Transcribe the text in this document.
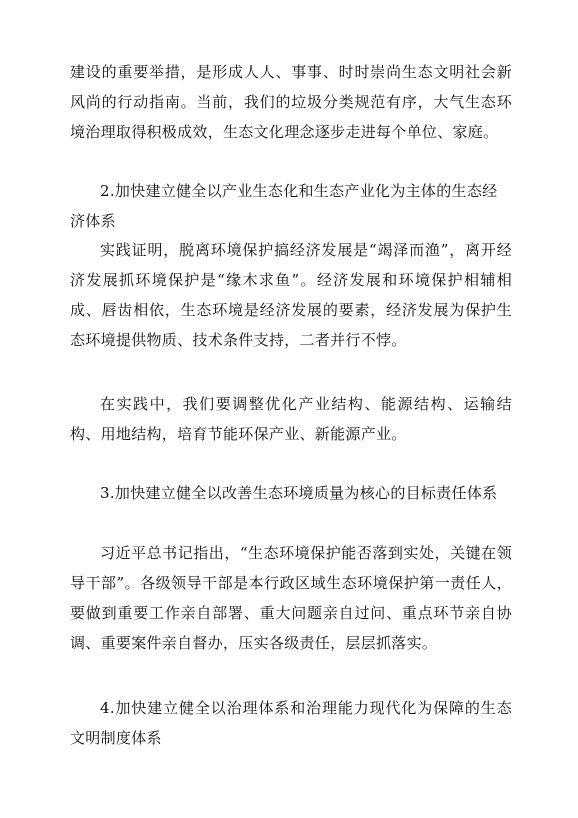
建设的重要举措，是形成人人、事事、时时崇尚生态文明社会新风尚的行动指南。当前，我们的垃圾分类规范有序，大气生态环境治理取得积极成效，生态文化理念逐步走进每个单位、家庭。

2.加快建立健全以产业生态化和生态产业化为主体的生态经济体系

实践证明，脱离环境保护搞经济发展是“竭泽而渔”，离开经济发展抓环境保护是“缘木求鱼”。经济发展和环境保护相辅相成、唇齿相依，生态环境是经济发展的要素，经济发展为保护生态环境提供物质、技术条件支持，二者并行不悖。

在实践中，我们要调整优化产业结构、能源结构、运输结构、用地结构，培育节能环保产业、新能源产业。

3.加快建立健全以改善生态环境质量为核心的目标责任体系

习近平总书记指出，“生态环境保护能否落到实处，关键在领导干部”。各级领导干部是本行政区域生态环境保护第一责任人，要做到重要工作亲自部署、重大问题亲自过问、重点环节亲自协调、重要案件亲自督办，压实各级责任，层层抓落实。

4.加快建立健全以治理体系和治理能力现代化为保障的生态文明制度体系
